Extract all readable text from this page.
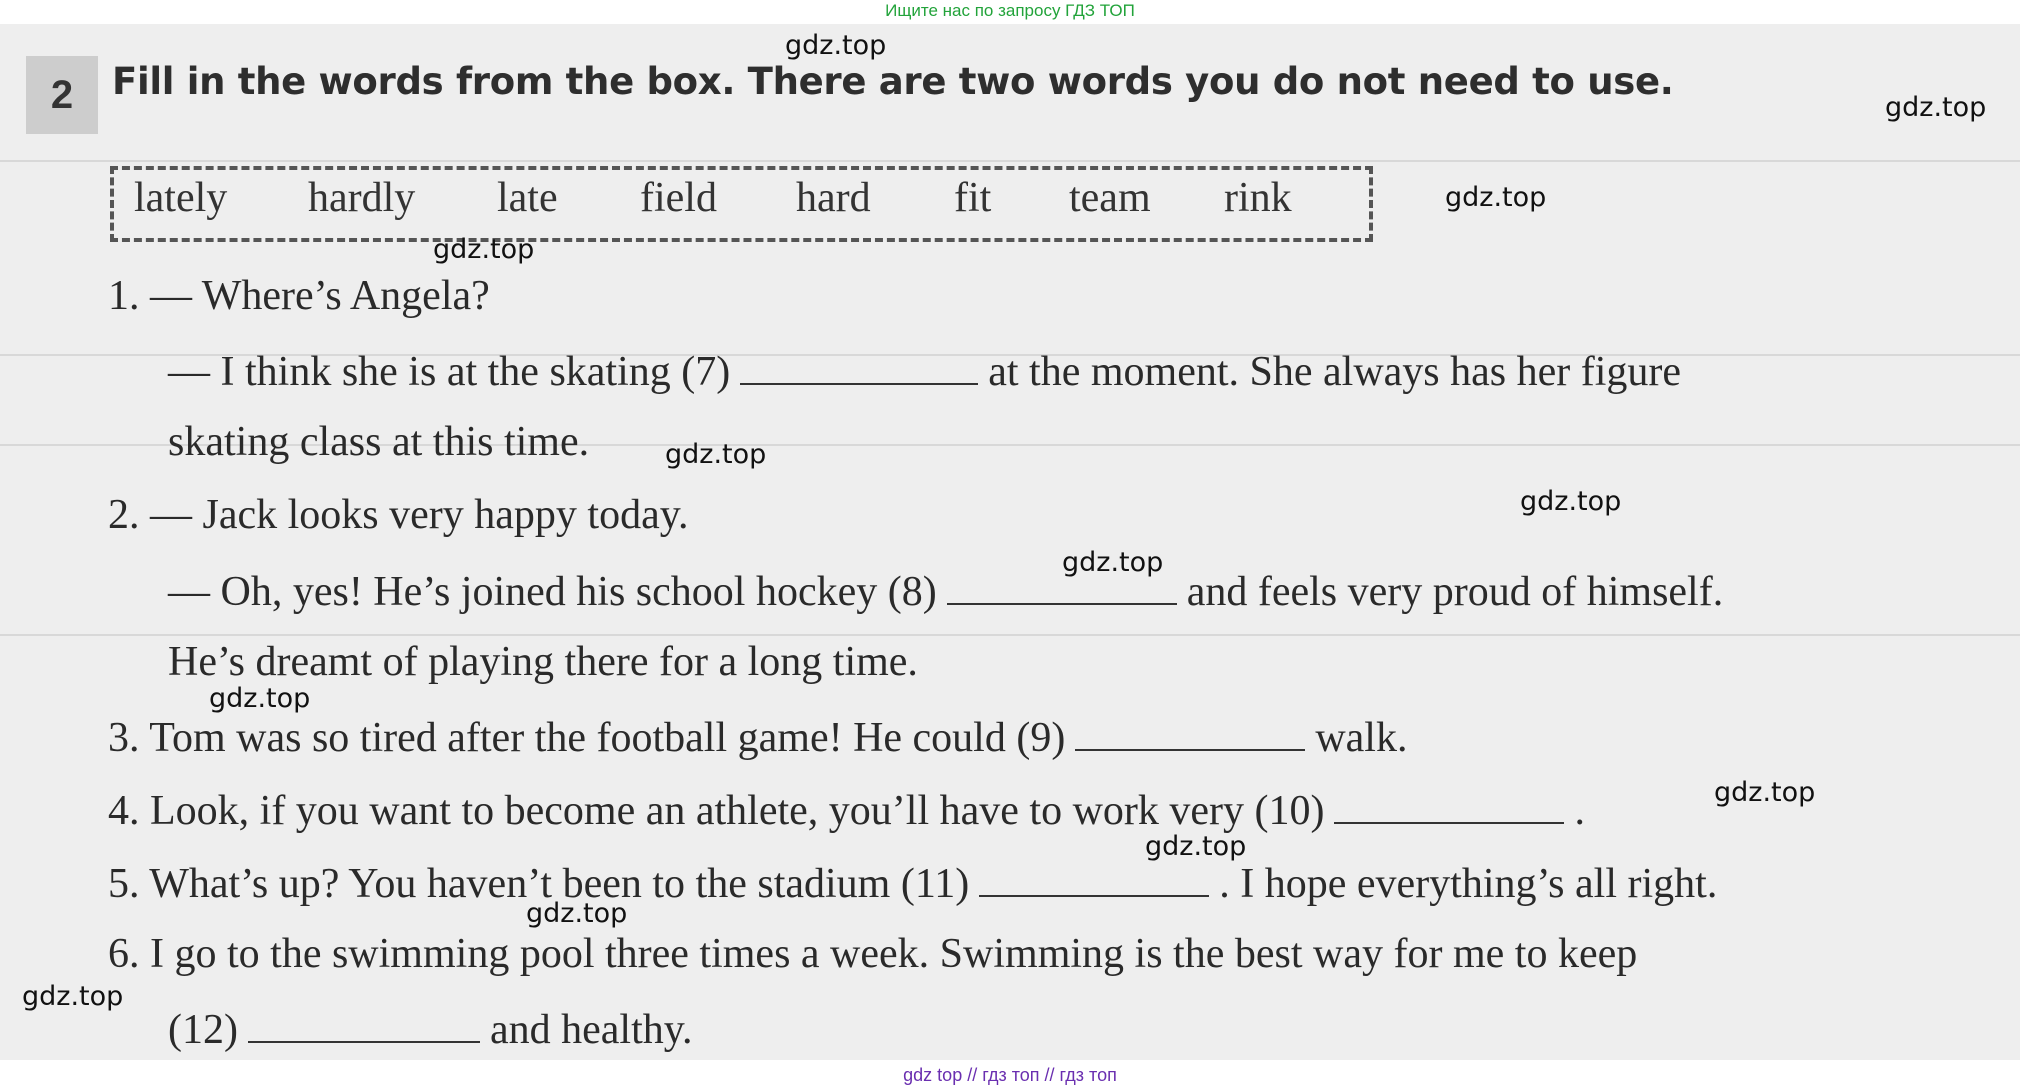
Ищите нас по запросу ГДЗ ТОП
2	Fill in the words from the box. There are two words you do not need to use.
lately hardly late field hard fit team rink
1. — Where’s Angela?
— I think she is at the skating (7)	at the moment. She always has her figure
skating class at this time.
2. — Jack looks very happy today.
— Oh, yes! He’s joined his school hockey (8)	and feels very proud of himself.
He’s dreamt of playing there for a long time.
3. Tom was so tired after the football game! He could (9)	walk.
4. Look, if you want to become an athlete, you’ll have to work very (10)	.
5. What’s up? You haven’t been to the stadium (11)	. I hope everything’s all right.
6. I go to the swimming pool three times a week. Swimming is the best way for me to keep
(12)	and healthy.
gdz.top
gdz.top
gdz.top
gdz.top
gdz.top
gdz.top
gdz.top
gdz.top
gdz.top
gdz.top
gdz.top
gdz.top
gdz top // гдз топ // гдз топ
